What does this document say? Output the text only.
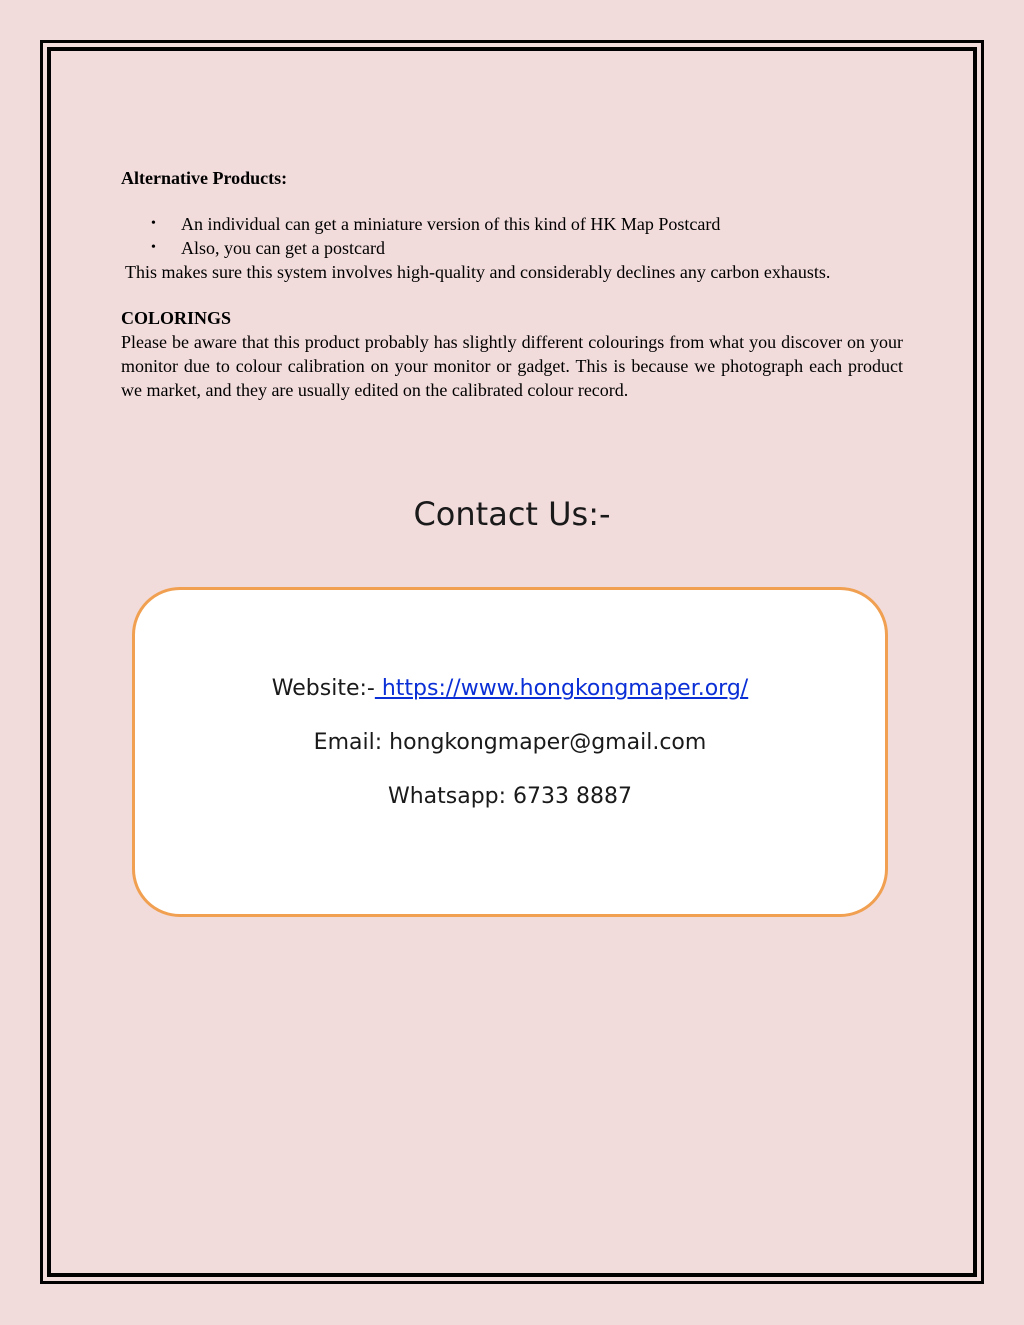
Alternative Products:

• An individual can get a miniature version of this kind of HK Map Postcard
• Also, you can get a postcard

This makes sure this system involves high-quality and considerably declines any carbon exhausts.

COLORINGS

Please be aware that this product probably has slightly different colourings from what you discover on your monitor due to colour calibration on your monitor or gadget. This is because we photograph each product we market, and they are usually edited on the calibrated colour record.

Contact Us:-
Website:- https://www.hongkongmaper.org/
Email: hongkongmaper@gmail.com
Whatsapp: 6733 8887
